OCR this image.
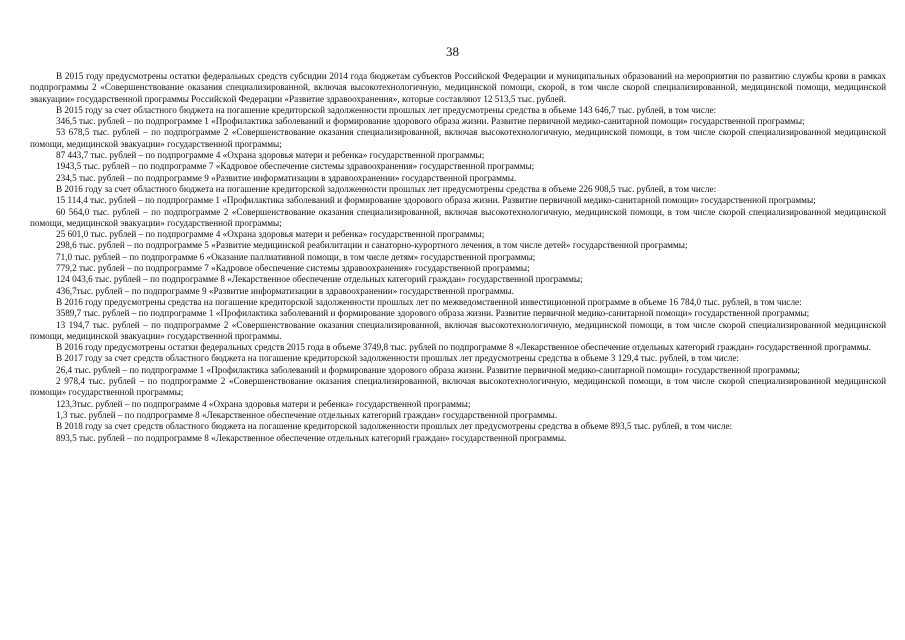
38

В 2015 году предусмотрены остатки федеральных средств субсидии 2014 года бюджетам субъектов Российской Федерации и муниципальных образований на мероприятия по развитию службы крови в рамках подпрограммы 2 «Совершенствование оказания специализированной, включая высокотехнологичную, медицинской помощи, скорой, в том числе скорой специализированной, медицинской помощи, медицинской эвакуации» государственной программы Российской Федерации «Развитие здравоохранения», которые составляют 12 513,5 тыс. рублей.

В 2015 году за счет областного бюджета на погашение кредиторской задолженности прошлых лет предусмотрены средства в объеме 143 646,7 тыс. рублей, в том числе:

346,5 тыс. рублей – по подпрограмме 1 «Профилактика заболеваний и формирование здорового образа жизни. Развитие первичной медико-санитарной помощи» государственной программы;

53 678,5 тыс. рублей – по подпрограмме 2 «Совершенствование оказания специализированной, включая высокотехнологичную, медицинской помощи, в том числе скорой специализированной медицинской помощи, медицинской эвакуации» государственной программы;

87 443,7 тыс. рублей – по подпрограмме 4 «Охрана здоровья матери и ребенка» государственной программы;

1943,5 тыс. рублей – по подпрограмме 7 «Кадровое обеспечение системы здравоохранения» государственной программы;

234,5 тыс. рублей – по подпрограмме 9 «Развитие информатизации в здравоохранении» государственной программы.

В 2016 году за счет областного бюджета на погашение кредиторской задолженности прошлых лет предусмотрены средства в объеме 226 908,5 тыс. рублей, в том числе:

15 114,4 тыс. рублей – по подпрограмме 1 «Профилактика заболеваний и формирование здорового образа жизни. Развитие первичной медико-санитарной помощи» государственной программы;

60 564,0 тыс. рублей – по подпрограмме 2 «Совершенствование оказания специализированной, включая высокотехнологичную, медицинской помощи, в том числе скорой специализированной медицинской помощи, медицинской эвакуации» государственной программы;

25 601,0 тыс. рублей – по подпрограмме 4 «Охрана здоровья матери и ребенка» государственной программы;

298,6 тыс. рублей – по подпрограмме 5 «Развитие медицинской реабилитации и санаторно-курортного лечения, в том числе детей» государственной программы;

71,0 тыс. рублей – по подпрограмме 6 «Оказание паллиативной помощи, в том числе детям» государственной программы;

779,2 тыс. рублей – по подпрограмме 7 «Кадровое обеспечение системы здравоохранения» государственной программы;

124 043,6 тыс. рублей – по подпрограмме 8 «Лекарственное обеспечение отдельных категорий граждан» государственной программы;

436,7тыс. рублей – по подпрограмме 9 «Развитие информатизации в здравоохранении» государственной программы.

В 2016 году предусмотрены средства на погашение кредиторской задолженности прошлых лет по межведомственной инвестиционной программе в объеме 16 784,0 тыс. рублей, в том числе:

3589,7 тыс. рублей – по подпрограмме 1 «Профилактика заболеваний и формирование здорового образа жизни. Развитие первичной медико-санитарной помощи» государственной программы;

13 194,7 тыс. рублей – по подпрограмме 2 «Совершенствование оказания специализированной, включая высокотехнологичную, медицинской помощи, в том числе скорой специализированной медицинской помощи, медицинской эвакуации» государственной программы.

В 2016 году предусмотрены остатки федеральных средств 2015 года в объеме 3749,8 тыс. рублей по подпрограмме 8 «Лекарственное обеспечение отдельных категорий граждан» государственной программы.

В 2017 году за счет средств областного бюджета на погашение кредиторской задолженности прошлых лет предусмотрены средства в объеме 3 129,4 тыс. рублей, в том числе:

26,4 тыс. рублей – по подпрограмме 1 «Профилактика заболеваний и формирование здорового образа жизни. Развитие первичной медико-санитарной помощи» государственной программы;

2 978,4 тыс. рублей – по подпрограмме 2 «Совершенствование оказания специализированной, включая высокотехнологичную, медицинской помощи, в том числе скорой специализированной медицинской помощи» государственной программы;

123,3тыс. рублей – по подпрограмме 4 «Охрана здоровья матери и ребенка» государственной программы;

1,3 тыс. рублей – по подпрограмме 8 «Лекарственное обеспечение отдельных категорий граждан» государственной программы.

В 2018 году за счет средств областного бюджета на погашение кредиторской задолженности прошлых лет предусмотрены средства в объеме 893,5 тыс. рублей, в том числе:

893,5 тыс. рублей – по подпрограмме 8 «Лекарственное обеспечение отдельных категорий граждан» государственной программы.
